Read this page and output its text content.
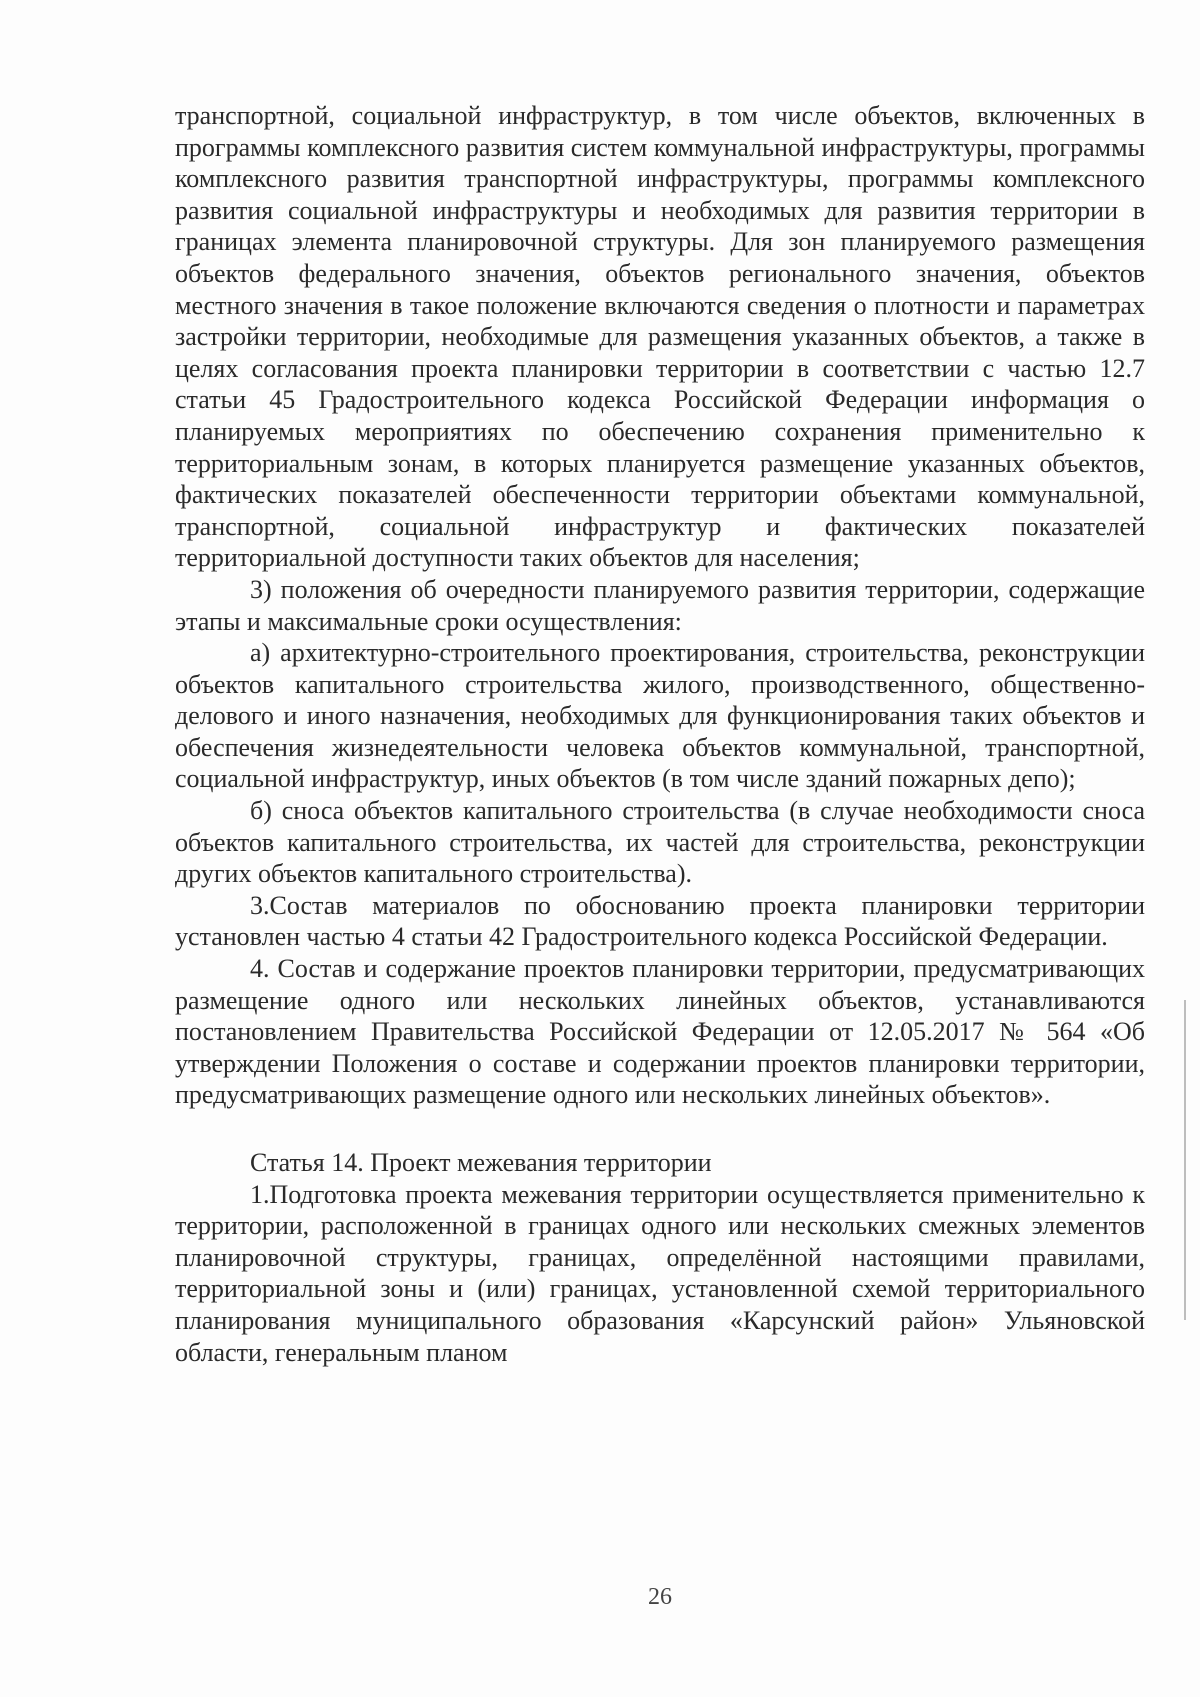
транспортной, социальной инфраструктур, в том числе объектов, включенных в программы комплексного развития систем коммунальной инфраструктуры, программы комплексного развития транспортной инфраструктуры, программы комплексного развития социальной инфраструктуры и необходимых для развития территории в границах элемента планировочной структуры. Для зон планируемого размещения объектов федерального значения, объектов регионального значения, объектов местного значения в такое положение включаются сведения о плотности и параметрах застройки территории, необходимые для размещения указанных объектов, а также в целях согласования проекта планировки территории в соответствии с частью 12.7 статьи 45 Градостроительного кодекса Российской Федерации информация о планируемых мероприятиях по обеспечению сохранения применительно к территориальным зонам, в которых планируется размещение указанных объектов, фактических показателей обеспеченности территории объектами коммунальной, транспортной, социальной инфраструктур и фактических показателей территориальной доступности таких объектов для населения;

3) положения об очередности планируемого развития территории, содержащие этапы и максимальные сроки осуществления:

а) архитектурно-строительного проектирования, строительства, реконструкции объектов капитального строительства жилого, производственного, общественно-делового и иного назначения, необходимых для функционирования таких объектов и обеспечения жизнедеятельности человека объектов коммунальной, транспортной, социальной инфраструктур, иных объектов (в том числе зданий пожарных депо);

б) сноса объектов капитального строительства (в случае необходимости сноса объектов капитального строительства, их частей для строительства, реконструкции других объектов капитального строительства).

3.Состав материалов по обоснованию проекта планировки территории установлен частью 4 статьи 42 Градостроительного кодекса Российской Федерации.

4. Состав и содержание проектов планировки территории, предусматривающих размещение одного или нескольких линейных объектов, устанавливаются постановлением Правительства Российской Федерации от 12.05.2017 № 564 «Об утверждении Положения о составе и содержании проектов планировки территории, предусматривающих размещение одного или нескольких линейных объектов».

Статья 14. Проект межевания территории

1.Подготовка проекта межевания территории осуществляется применительно к территории, расположенной в границах одного или нескольких смежных элементов планировочной структуры, границах, определённой настоящими правилами, территориальной зоны и (или) границах, установленной схемой территориального планирования муниципального образования «Карсунский район» Ульяновской области, генеральным планом

26
